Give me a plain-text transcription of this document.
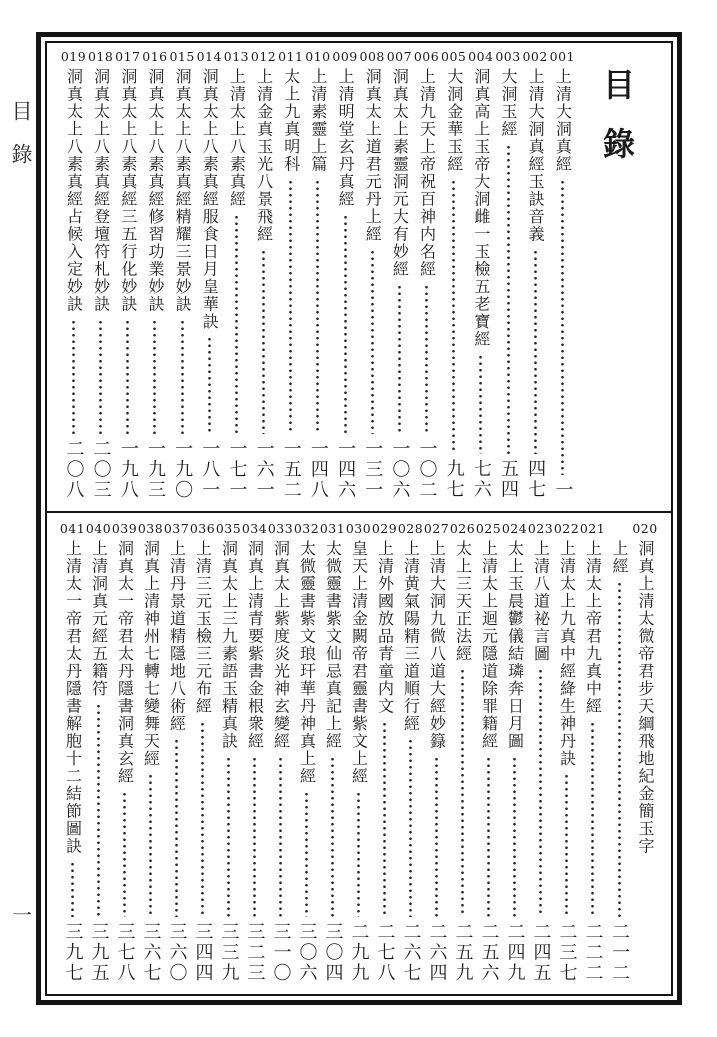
目錄
一
目錄
001
上清大洞真經
一
002
上清大洞真經玉訣音義
四七
003
大洞玉經
五四
004
洞真高上玉帝大洞雌一玉檢五老寶經
七六
005
大洞金華玉經
九七
006
上清九天上帝祝百神内名經
一〇二
007
洞真太上素靈洞元大有妙經
一〇六
008
洞真太上道君元丹上經
一三一
009
上清明堂玄丹真經
一四六
010
上清素靈上篇
一四八
011
太上九真明科
一五二
012
上清金真玉光八景飛經
一六一
013
上清太上八素真經
一七一
014
洞真太上八素真經服食日月皇華訣
一八一
015
洞真太上八素真經精耀三景妙訣
一九〇
016
洞真太上八素真經修習功業妙訣
一九三
017
洞真太上八素真經三五行化妙訣
一九八
018
洞真太上八素真經登壇符札妙訣
二〇三
019
洞真太上八素真經占候入定妙訣
二〇八
020
洞真上清太微帝君步天綱飛地紀金簡玉字
上經
二一二
021
上清太上帝君九真中經
二二二
022
上清太上九真中經絳生神丹訣
二三七
023
上清八道祕言圖
二四五
024
太上玉晨鬱儀結璘奔日月圖
二四九
025
上清太上迴元隱道除罪籍經
二五六
026
太上三天正法經
二五九
027
上清大洞九微八道大經妙籙
二六四
028
上清黄氣陽精三道順行經
二六七
029
上清外國放品青童内文
二七八
030
皇天上清金闕帝君靈書紫文上經
二九九
031
太微靈書紫文仙忌真記上經
三〇四
032
太微靈書紫文琅玕華丹神真上經
三〇六
033
洞真太上紫度炎光神玄變經
三一〇
034
洞真上清青要紫書金根衆經
三二三
035
洞真太上三九素語玉精真訣
三三九
036
上清三元玉檢三元布經
三四四
037
上清丹景道精隱地八術經
三六〇
038
洞真上清神州七轉七變舞天經
三六七
039
洞真太一帝君太丹隱書洞真玄經
三七八
040
上清洞真元經五籍符
三九五
041
上清太一帝君太丹隱書解胞十二結節圖訣
三九七
